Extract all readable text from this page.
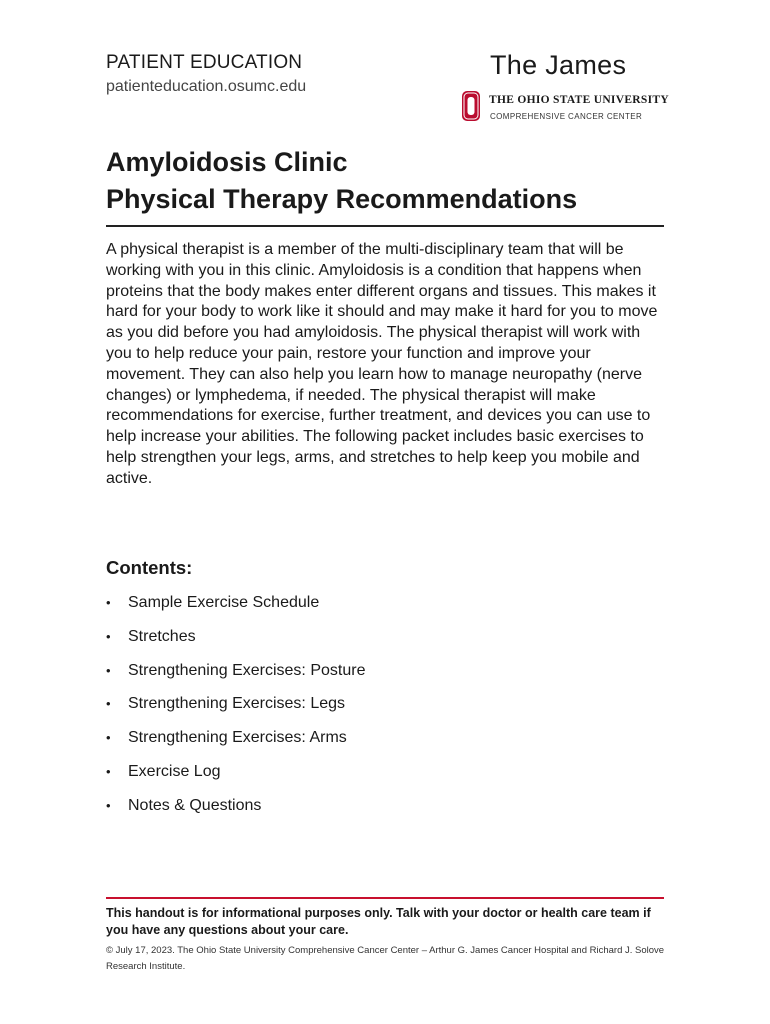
PATIENT EDUCATION
patienteducation.osumc.edu
The James
THE OHIO STATE UNIVERSITY
COMPREHENSIVE CANCER CENTER
Amyloidosis Clinic
Physical Therapy Recommendations
A physical therapist is a member of the multi-disciplinary team that will be working with you in this clinic. Amyloidosis is a condition that happens when proteins that the body makes enter different organs and tissues. This makes it hard for your body to work like it should and may make it hard for you to move as you did before you had amyloidosis. The physical therapist will work with you to help reduce your pain, restore your function and improve your movement. They can also help you learn how to manage neuropathy (nerve changes) or lymphedema, if needed. The physical therapist will make recommendations for exercise, further treatment, and devices you can use to help increase your abilities. The following packet includes basic exercises to help strengthen your legs, arms, and stretches to help keep you mobile and active.
Contents:
• Sample Exercise Schedule
• Stretches
• Strengthening Exercises: Posture
• Strengthening Exercises: Legs
• Strengthening Exercises: Arms
• Exercise Log
• Notes & Questions
This handout is for informational purposes only. Talk with your doctor or health care team if you have any questions about your care.
© July 17, 2023. The Ohio State University Comprehensive Cancer Center – Arthur G. James Cancer Hospital and Richard J. Solove Research Institute.
